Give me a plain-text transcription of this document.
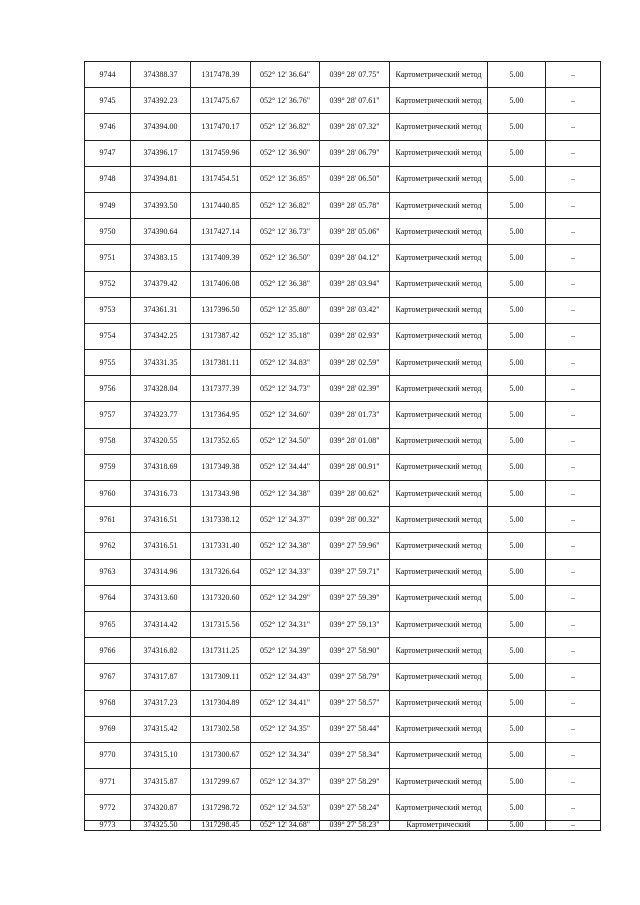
9744	374388.37	1317478.39	052° 12' 36.64"	039° 28' 07.75"	Картометрический метод	5.00	–
9745	374392.23	1317475.67	052° 12' 36.76"	039° 28' 07.61"	Картометрический метод	5.00	–
9746	374394.00	1317470.17	052° 12' 36.82"	039° 28' 07.32"	Картометрический метод	5.00	–
9747	374396.17	1317459.96	052° 12' 36.90"	039° 28' 06.79"	Картометрический метод	5.00	–
9748	374394.81	1317454.51	052° 12' 36.85"	039° 28' 06.50"	Картометрический метод	5.00	–
9749	374393.50	1317440.85	052° 12' 36.82"	039° 28' 05.78"	Картометрический метод	5.00	–
9750	374390.64	1317427.14	052° 12' 36.73"	039° 28' 05.06"	Картометрический метод	5.00	–
9751	374383.15	1317409.39	052° 12' 36.50"	039° 28' 04.12"	Картометрический метод	5.00	–
9752	374379.42	1317406.08	052° 12' 36.38"	039° 28' 03.94"	Картометрический метод	5.00	–
9753	374361.31	1317396.50	052° 12' 35.80"	039° 28' 03.42"	Картометрический метод	5.00	–
9754	374342.25	1317387.42	052° 12' 35.18"	039° 28' 02.93"	Картометрический метод	5.00	–
9755	374331.35	1317381.11	052° 12' 34.83"	039° 28' 02.59"	Картометрический метод	5.00	–
9756	374328.04	1317377.39	052° 12' 34.73"	039° 28' 02.39"	Картометрический метод	5.00	–
9757	374323.77	1317364.95	052° 12' 34.60"	039° 28' 01.73"	Картометрический метод	5.00	–
9758	374320.55	1317352.65	052° 12' 34.50"	039° 28' 01.08"	Картометрический метод	5.00	–
9759	374318.69	1317349.38	052° 12' 34.44"	039° 28' 00.91"	Картометрический метод	5.00	–
9760	374316.73	1317343.98	052° 12' 34.38"	039° 28' 00.62"	Картометрический метод	5.00	–
9761	374316.51	1317338.12	052° 12' 34.37"	039° 28' 00.32"	Картометрический метод	5.00	–
9762	374316.51	1317331.40	052° 12' 34.38"	039° 27' 59.96"	Картометрический метод	5.00	–
9763	374314.96	1317326.64	052° 12' 34.33"	039° 27' 59.71"	Картометрический метод	5.00	–
9764	374313.60	1317320.60	052° 12' 34.29"	039° 27' 59.39"	Картометрический метод	5.00	–
9765	374314.42	1317315.56	052° 12' 34.31"	039° 27' 59.13"	Картометрический метод	5.00	–
9766	374316.82	1317311.25	052° 12' 34.39"	039° 27' 58.90"	Картометрический метод	5.00	–
9767	374317.87	1317309.11	052° 12' 34.43"	039° 27' 58.79"	Картометрический метод	5.00	–
9768	374317.23	1317304.89	052° 12' 34.41"	039° 27' 58.57"	Картометрический метод	5.00	–
9769	374315.42	1317302.58	052° 12' 34.35"	039° 27' 58.44"	Картометрический метод	5.00	–
9770	374315.10	1317300.67	052° 12' 34.34"	039° 27' 58.34"	Картометрический метод	5.00	–
9771	374315.87	1317299.67	052° 12' 34.37"	039° 27' 58.29"	Картометрический метод	5.00	–
9772	374320.87	1317298.72	052° 12' 34.53"	039° 27' 58.24"	Картометрический метод	5.00	–
9773	374325.50	1317298.45	052° 12' 34.68"	039° 27' 58.23"	Картометрический	5.00	–
